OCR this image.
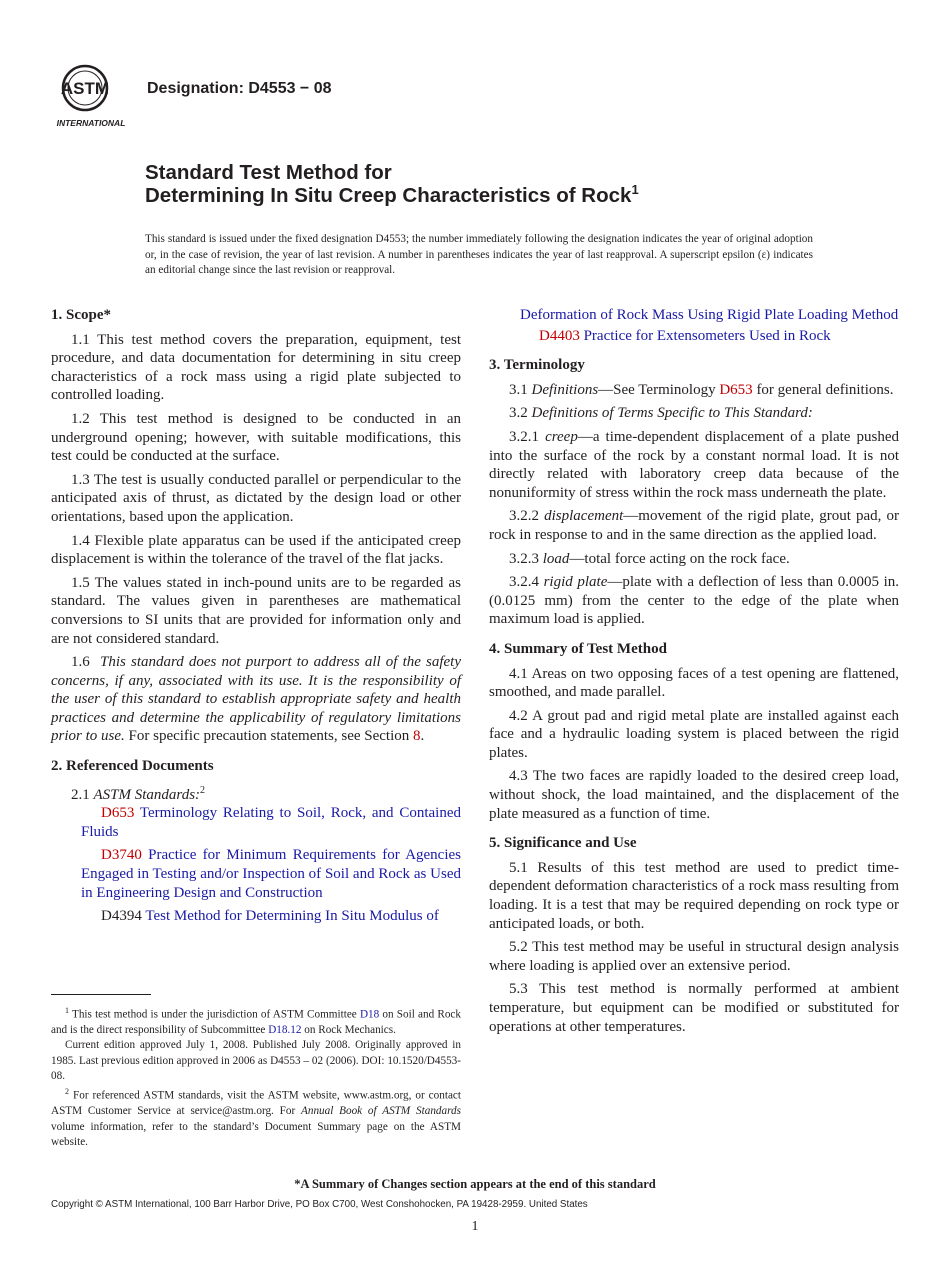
ASTM
INTERNATIONAL
Designation: D4553 − 08
Standard Test Method for
Determining In Situ Creep Characteristics of Rock$^1$
This standard is issued under the fixed designation D4553; the number immediately following the designation indicates the year of original adoption or, in the case of revision, the year of last revision. A number in parentheses indicates the year of last reapproval. A superscript epsilon (ε) indicates an editorial change since the last revision or reapproval.
1. Scope*

1.1 This test method covers the preparation, equipment, test procedure, and data documentation for determining in situ creep characteristics of a rock mass using a rigid plate subjected to controlled loading.

1.2 This test method is designed to be conducted in an underground opening; however, with suitable modifications, this test could be conducted at the surface.

1.3 The test is usually conducted parallel or perpendicular to the anticipated axis of thrust, as dictated by the design load or other orientations, based upon the application.

1.4 Flexible plate apparatus can be used if the anticipated creep displacement is within the tolerance of the travel of the flat jacks.

1.5 The values stated in inch-pound units are to be regarded as standard. The values given in parentheses are mathematical conversions to SI units that are provided for information only and are not considered standard.

1.6 This standard does not purport to address all of the safety concerns, if any, associated with its use. It is the responsibility of the user of this standard to establish appropriate safety and health practices and determine the applicability of regulatory limitations prior to use. For specific precaution statements, see Section 8.

2. Referenced Documents

2.1 ASTM Standards:$^2$

D653 Terminology Relating to Soil, Rock, and Contained Fluids

D3740 Practice for Minimum Requirements for Agencies Engaged in Testing and/or Inspection of Soil and Rock as Used in Engineering Design and Construction

D4394 Test Method for Determining In Situ Modulus of

$^1$ This test method is under the jurisdiction of ASTM Committee D18 on Soil and Rock and is the direct responsibility of Subcommittee D18.12 on Rock Mechanics.

Current edition approved July 1, 2008. Published July 2008. Originally approved in 1985. Last previous edition approved in 2006 as D4553 – 02 (2006). DOI: 10.1520/D4553-08.

$^2$ For referenced ASTM standards, visit the ASTM website, www.astm.org, or contact ASTM Customer Service at service@astm.org. For Annual Book of ASTM Standards volume information, refer to the standard’s Document Summary page on the ASTM website.

Deformation of Rock Mass Using Rigid Plate Loading Method

D4403 Practice for Extensometers Used in Rock

3. Terminology

3.1 Definitions—See Terminology D653 for general definitions.

3.2 Definitions of Terms Specific to This Standard:

3.2.1 creep—a time-dependent displacement of a plate pushed into the surface of the rock by a constant normal load. It is not directly related with laboratory creep data because of the nonuniformity of stress within the rock mass underneath the plate.

3.2.2 displacement—movement of the rigid plate, grout pad, or rock in response to and in the same direction as the applied load.

3.2.3 load—total force acting on the rock face.

3.2.4 rigid plate—plate with a deflection of less than 0.0005 in. (0.0125 mm) from the center to the edge of the plate when maximum load is applied.

4. Summary of Test Method

4.1 Areas on two opposing faces of a test opening are flattened, smoothed, and made parallel.

4.2 A grout pad and rigid metal plate are installed against each face and a hydraulic loading system is placed between the rigid plates.

4.3 The two faces are rapidly loaded to the desired creep load, without shock, the load maintained, and the displacement of the plate measured as a function of time.

5. Significance and Use

5.1 Results of this test method are used to predict time-dependent deformation characteristics of a rock mass resulting from loading. It is a test that may be required depending on rock type or anticipated loads, or both.

5.2 This test method may be useful in structural design analysis where loading is applied over an extensive period.

5.3 This test method is normally performed at ambient temperature, but equipment can be modified or substituted for operations at other temperatures.

*A Summary of Changes section appears at the end of this standard
Copyright © ASTM International, 100 Barr Harbor Drive, PO Box C700, West Conshohocken, PA 19428-2959. United States
1
